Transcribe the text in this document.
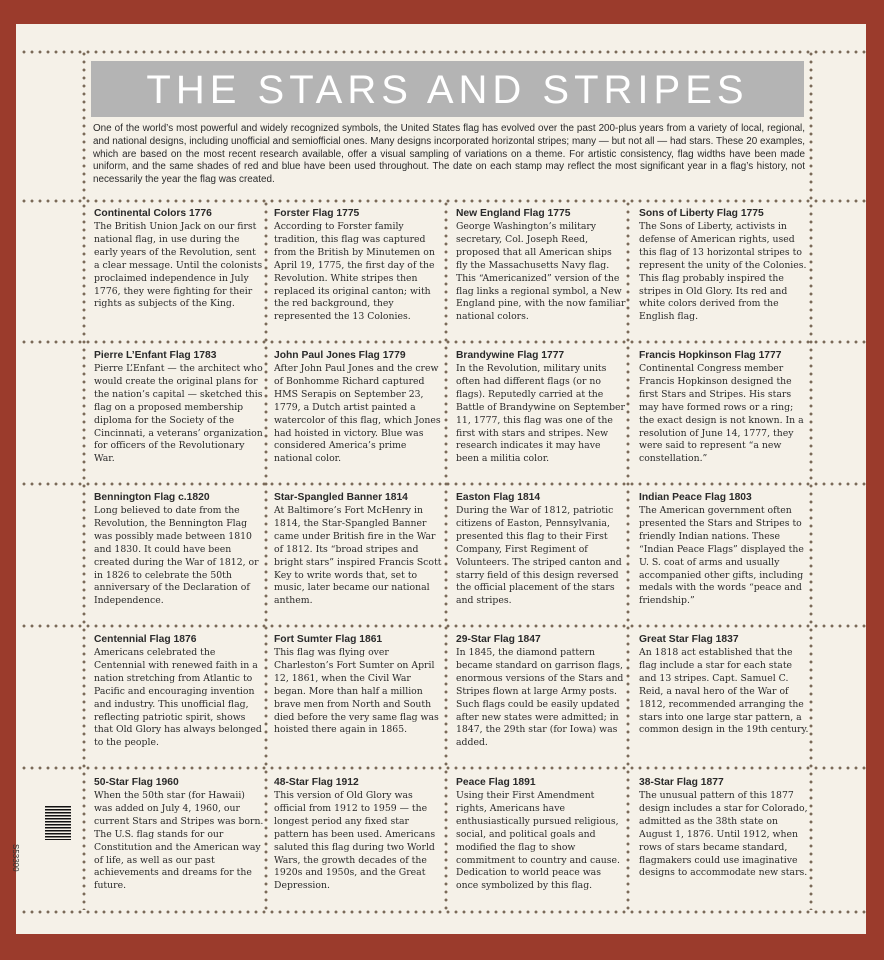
THE STARS AND STRIPES
One of the world’s most powerful and widely recognized symbols, the United States flag has evolved over the past 200-plus years from a variety of local, regional, and national designs, including unofficial and semiofficial ones. Many designs incorporated horizontal stripes; many — but not all — had stars. These 20 examples, which are based on the most recent research available, offer a visual sampling of variations on a theme. For artistic consistency, flag widths have been made uniform, and the same shades of red and blue have been used throughout. The date on each stamp may reflect the most significant year in a flag’s history, not necessarily the year the flag was created.
Continental Colors 1776
The British Union Jack on our first national flag, in use during the early years of the Revolution, sent a clear message. Until the colonists proclaimed independence in July 1776, they were fighting for their rights as subjects of the King.
Forster Flag 1775
According to Forster family tradition, this flag was captured from the British by Minutemen on April 19, 1775, the first day of the Revolution. White stripes then replaced its original canton; with the red background, they represented the 13 Colonies.
New England Flag 1775
George Washington’s military secretary, Col. Joseph Reed, proposed that all American ships fly the Massachusetts Navy flag. This “Americanized” version of the flag links a regional symbol, a New England pine, with the now familiar national colors.
Sons of Liberty Flag 1775
The Sons of Liberty, activists in defense of American rights, used this flag of 13 horizontal stripes to represent the unity of the Colonies. This flag probably inspired the stripes in Old Glory. Its red and white colors derived from the English flag.
Pierre L’Enfant Flag 1783
Pierre L’Enfant — the architect who would create the original plans for the nation’s capital — sketched this flag on a proposed membership diploma for the Society of the Cincinnati, a veterans’ organization for officers of the Revolutionary War.
John Paul Jones Flag 1779
After John Paul Jones and the crew of Bonhomme Richard captured HMS Serapis on September 23, 1779, a Dutch artist painted a watercolor of this flag, which Jones had hoisted in victory. Blue was considered America’s prime national color.
Brandywine Flag 1777
In the Revolution, military units often had different flags (or no flags). Reputedly carried at the Battle of Brandywine on September 11, 1777, this flag was one of the first with stars and stripes. New research indicates it may have been a militia color.
Francis Hopkinson Flag 1777
Continental Congress member Francis Hopkinson designed the first Stars and Stripes. His stars may have formed rows or a ring; the exact design is not known. In a resolution of June 14, 1777, they were said to represent “a new constellation.”
Bennington Flag c.1820
Long believed to date from the Revolution, the Bennington Flag was possibly made between 1810 and 1830. It could have been created during the War of 1812, or in 1826 to celebrate the 50th anniversary of the Declaration of Independence.
Star-Spangled Banner 1814
At Baltimore’s Fort McHenry in 1814, the Star-Spangled Banner came under British fire in the War of 1812. Its “broad stripes and bright stars” inspired Francis Scott Key to write words that, set to music, later became our national anthem.
Easton Flag 1814
During the War of 1812, patriotic citizens of Easton, Pennsylvania, presented this flag to their First Company, First Regiment of Volunteers. The striped canton and starry field of this design reversed the official placement of the stars and stripes.
Indian Peace Flag 1803
The American government often presented the Stars and Stripes to friendly Indian nations. These “Indian Peace Flags” displayed the U. S. coat of arms and usually accompanied other gifts, including medals with the words “peace and friendship.”
Centennial Flag 1876
Americans celebrated the Centennial with renewed faith in a nation stretching from Atlantic to Pacific and encouraging invention and industry. This unofficial flag, reflecting patriotic spirit, shows that Old Glory has always belonged to the people.
Fort Sumter Flag 1861
This flag was flying over Charleston’s Fort Sumter on April 12, 1861, when the Civil War began. More than half a million brave men from North and South died before the very same flag was hoisted there again in 1865.
29-Star Flag 1847
In 1845, the diamond pattern became standard on garrison flags, enormous versions of the Stars and Stripes flown at large Army posts. Such flags could be easily updated after new states were admitted; in 1847, the 29th star (for Iowa) was added.
Great Star Flag 1837
An 1818 act established that the flag include a star for each state and 13 stripes. Capt. Samuel C. Reid, a naval hero of the War of 1812, recommended arranging the stars into one large star pattern, a common design in the 19th century.
50-Star Flag 1960
When the 50th star (for Hawaii) was added on July 4, 1960, our current Stars and Stripes was born. The U.S. flag stands for our Constitution and the American way of life, as well as our past achievements and dreams for the future.
48-Star Flag 1912
This version of Old Glory was official from 1912 to 1959 — the longest period any fixed star pattern has been used. Americans saluted this flag during two World Wars, the growth decades of the 1920s and 1950s, and the Great Depression.
Peace Flag 1891
Using their First Amendment rights, Americans have enthusiastically pursued religious, social, and political goals and modified the flag to show commitment to country and cause. Dedication to world peace was once symbolized by this flag.
38-Star Flag 1877
The unusual pattern of this 1877 design includes a star for Colorado, admitted as the 38th state on August 1, 1876. Until 1912, when rows of stars became standard, flagmakers could use imaginative designs to accommodate new stars.
S53300
